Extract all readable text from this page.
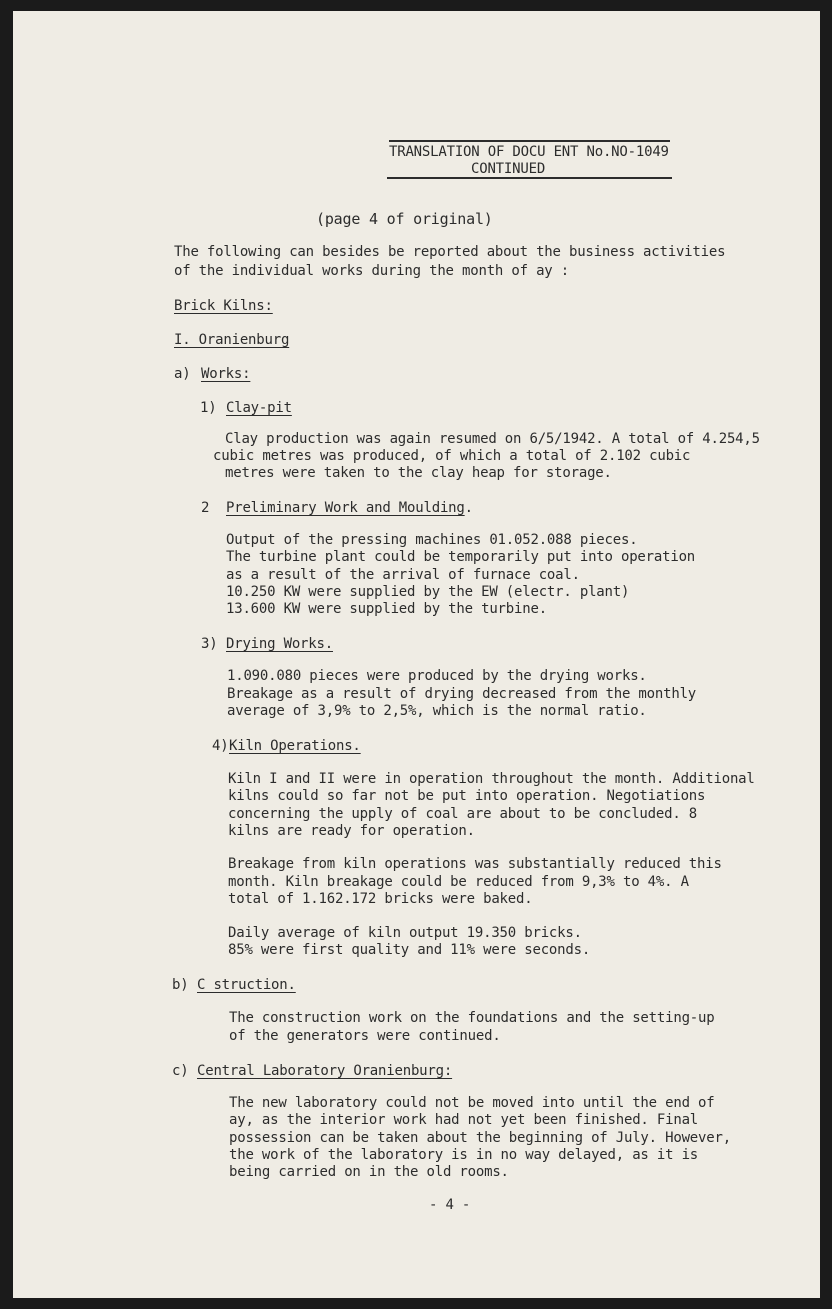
TRANSLATION OF DOCU ENT No.NO-1049
CONTINUED
(page 4 of original)
The following can besides be reported about the business activities
of the individual works during the month of ay :
Brick Kilns:
I. Oranienburg
a) Works:
1) Clay-pit
Clay production was again resumed on 6/5/1942. A total of 4.254,5
cubic metres was produced, of which a total of 2.102 cubic
metres were taken to the clay heap for storage.
2 Preliminary Work and Moulding.
Output of the pressing machines 01.052.088 pieces.
The turbine plant could be temporarily put into operation
as a result of the arrival of furnace coal.
10.250 KW were supplied by the EW (electr. plant)
13.600 KW were supplied by the turbine.
3) Drying Works.
1.090.080 pieces were produced by the drying works.
Breakage as a result of drying decreased from the monthly
average of 3,9% to 2,5%, which is the normal ratio.
4) Kiln Operations.
Kiln I and II were in operation throughout the month. Additional
kilns could so far not be put into operation. Negotiations
concerning the upply of coal are about to be concluded. 8
kilns are ready for operation.
Breakage from kiln operations was substantially reduced this
month. Kiln breakage could be reduced from 9,3% to 4%. A
total of 1.162.172 bricks were baked.
Daily average of kiln output 19.350 bricks.
85% were first quality and 11% were seconds.
b) C struction.
The construction work on the foundations and the setting-up
of the generators were continued.
c) Central Laboratory Oranienburg:
The new laboratory could not be moved into until the end of
ay, as the interior work had not yet been finished. Final
possession can be taken about the beginning of July. However,
the work of the laboratory is in no way delayed, as it is
being carried on in the old rooms.
- 4 -
